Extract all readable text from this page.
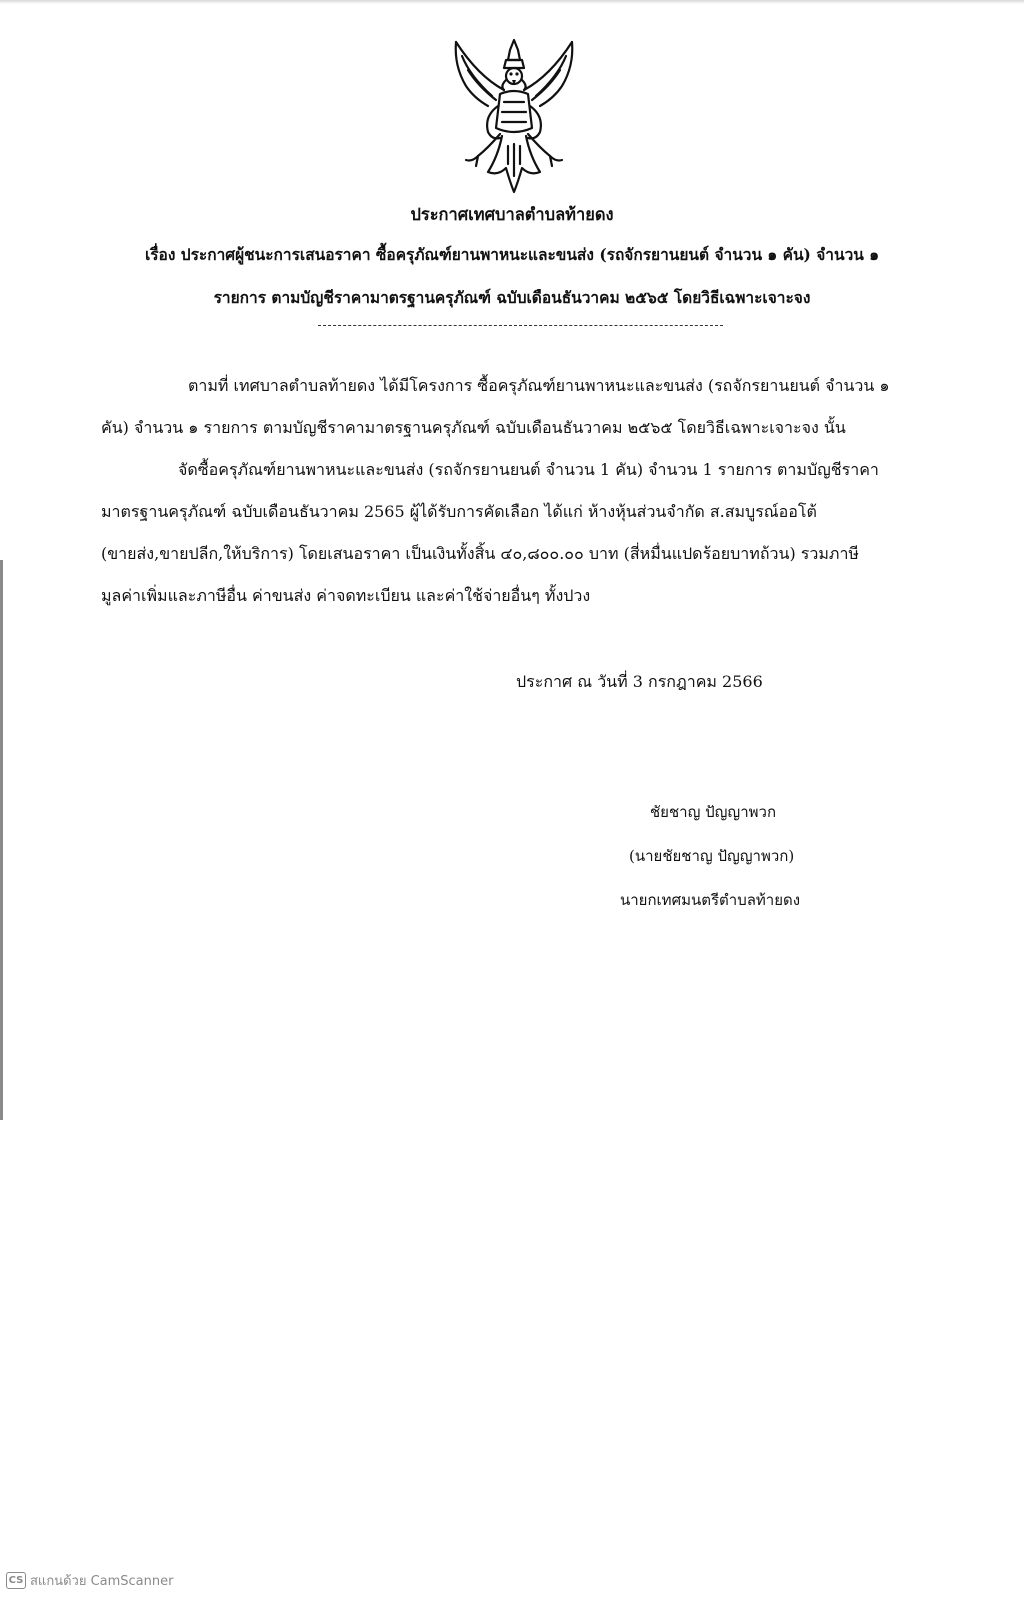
ประกาศเทศบาลตำบลท้ายดง
เรื่อง ประกาศผู้ชนะการเสนอราคา ซื้อครุภัณฑ์ยานพาหนะและขนส่ง (รถจักรยานยนต์ จำนวน ๑ คัน) จำนวน ๑
รายการ ตามบัญชีราคามาตรฐานครุภัณฑ์ ฉบับเดือนธันวาคม ๒๕๖๕ โดยวิธีเฉพาะเจาะจง
ตามที่ เทศบาลตำบลท้ายดง ได้มีโครงการ ซื้อครุภัณฑ์ยานพาหนะและขนส่ง (รถจักรยานยนต์ จำนวน ๑
คัน) จำนวน ๑ รายการ ตามบัญชีราคามาตรฐานครุภัณฑ์ ฉบับเดือนธันวาคม ๒๕๖๕ โดยวิธีเฉพาะเจาะจง นั้น
จัดซื้อครุภัณฑ์ยานพาหนะและขนส่ง (รถจักรยานยนต์ จำนวน 1 คัน) จำนวน 1 รายการ ตามบัญชีราคา
มาตรฐานครุภัณฑ์ ฉบับเดือนธันวาคม 2565 ผู้ได้รับการคัดเลือก ได้แก่ ห้างหุ้นส่วนจำกัด ส.สมบูรณ์ออโต้
(ขายส่ง,ขายปลีก,ให้บริการ) โดยเสนอราคา เป็นเงินทั้งสิ้น ๔๐,๘๐๐.๐๐ บาท (สี่หมื่นแปดร้อยบาทถ้วน) รวมภาษี
มูลค่าเพิ่มและภาษีอื่น ค่าขนส่ง ค่าจดทะเบียน และค่าใช้จ่ายอื่นๆ ทั้งปวง
ประกาศ ณ วันที่ 3 กรกฎาคม 2566
ชัยชาญ ปัญญาพวก
(นายชัยชาญ ปัญญาพวก)
นายกเทศมนตรีตำบลท้ายดง
CS สแกนด้วย CamScanner
